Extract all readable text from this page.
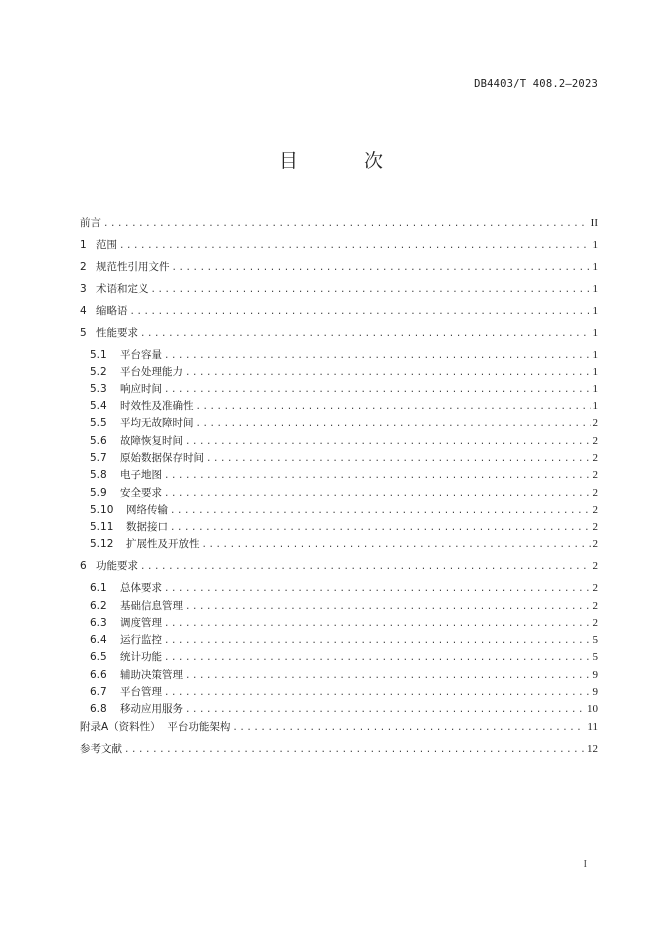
DB4403/T 408.2—2023
目 次
前言 .....	II
1 范围 .....	1
2 规范性引用文件 .....	1
3 术语和定义 .....	1
4 缩略语 .....	1
5 性能要求 .....	1
5.1	平台容量 .....	1
5.2	平台处理能力 .....	1
5.3	响应时间 .....	1
5.4	时效性及准确性 .....	1
5.5	平均无故障时间 .....	2
5.6	故障恢复时间 .....	2
5.7	原始数据保存时间 .....	2
5.8	电子地图 .....	2
5.9	安全要求 .....	2
5.10	网络传输 .....	2
5.11	数据接口 .....	2
5.12	扩展性及开放性 .....	2
6 功能要求 .....	2
6.1	总体要求 .....	2
6.2	基础信息管理 .....	2
6.3	调度管理 .....	2
6.4	运行监控 .....	5
6.5	统计功能 .....	5
6.6	辅助决策管理 .....	9
6.7	平台管理 .....	9
6.8	移动应用服务 .....	10
附录A（资料性）  平台功能架构 .....	11
参考文献 .....	12
I
